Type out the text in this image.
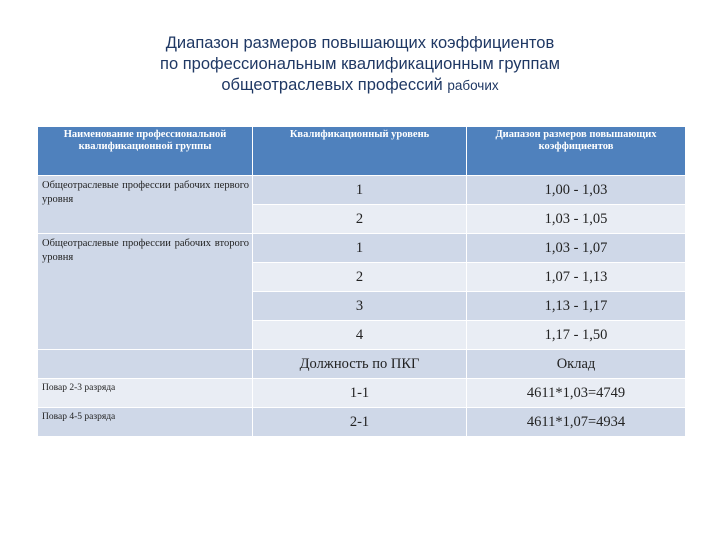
Диапазон размеров повышающих коэффициентов
по профессиональным квалификационным группам
общеотраслевых профессий рабочих
Наименование профессиональной квалификационной группы	Квалификационный уровень	Диапазон размеров повышающих коэффициентов
Общеотраслевые профессии рабочих первого уровня	1	1,00 - 1,03
	2	1,03 - 1,05
Общеотраслевые профессии рабочих второго уровня	1	1,03 - 1,07
	2	1,07 - 1,13
	3	1,13 - 1,17
	4	1,17 - 1,50
	Должность по ПКГ	Оклад
Повар 2-3 разряда	1-1	4611*1,03=4749
Повар 4-5 разряда	2-1	4611*1,07=4934
